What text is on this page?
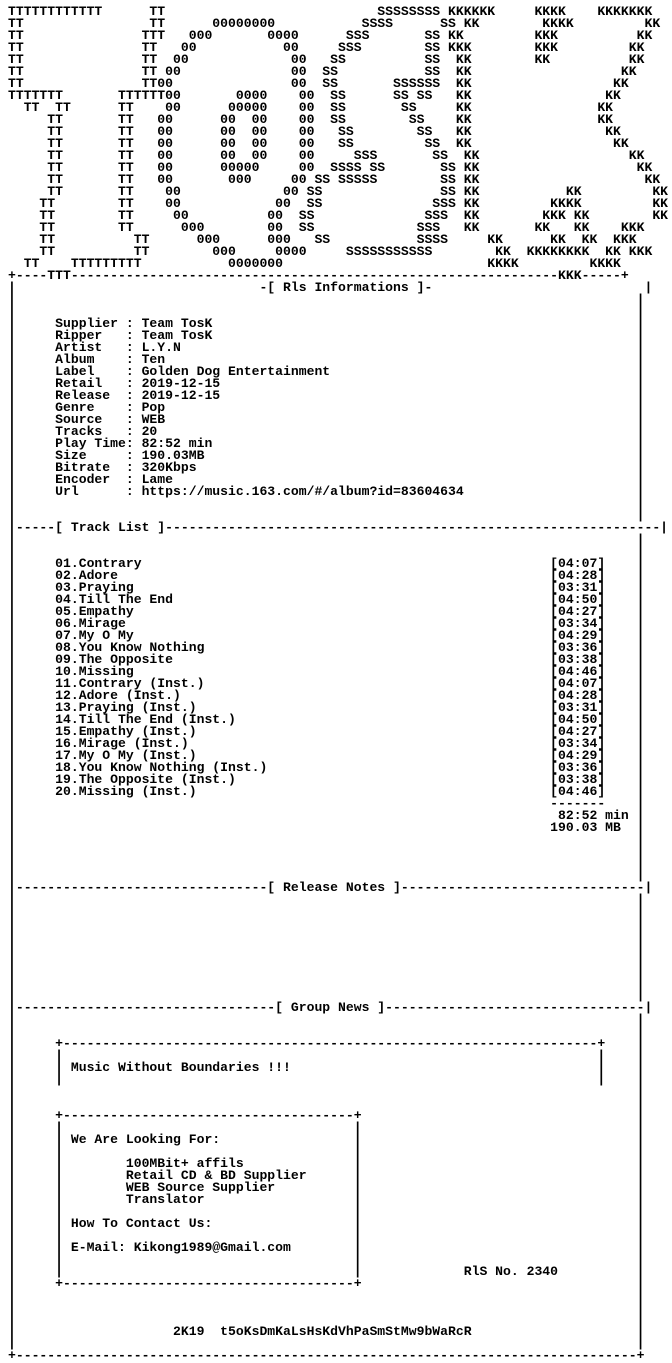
TTTTTTTTTTTT      TT                           SSSSSSSS KKKKKK     KKKK    KKKKKKK
TT                TT      00000000           SSSS      SS KK        KKKK         KK
TT               TTT   000       0000      SSS       SS KK         KKK          KK
TT               TT   00           00     SSS        SS KKK        KKK         KK
TT               TT  00             00   SS          SS  KK        KK          KK
TT               TT 00              00  SS           SS  KK                   KK
TT               TT00               00  SS       SSSSSS  KK                  KK
TTTTTTT       TTTTTT00       0000    00  SS      SS SS   KK                 KK
TT  TT      TT    00      00000    00  SS       SS     KK                KK
TT       TT   00      00  00    00  SS        SS    KK                KK
TT       TT   00      00  00    00   SS        SS   KK                 KK
TT       TT   00      00  00    00   SS         SS  KK                  KK
TT       TT   00      00  00    00     SSS       SS  KK                   KK
TT       TT   00      00000     00  SSSS SS       SS KK                    KK
TT       TT   00       000     00 SS SSSSS        SS KK                     KK
TT       TT    00             00 SS               SS KK           KK         KK
TT        TT    00            00  SS              SSS KK         KKKK         KK
TT        TT     00          00  SS              SSS  KK        KKK KK        KK
TT        TT      000        00  SS             SSS   KK       KK   KK    KKK
TT          TT      000      000   SS           SSSS     KK      KK  KK  KKK
TT          TT        000     0000     SSSSSSSSSSS        KK  KKKKKKKK  KK KKK
TT    TTTTTTTTT           0000000                          KKKK         KKKK
+----TTT--------------------------------------------------------------KKK-----+
|                               -[ Rls Informations ]-                           |
|                                                                               |
|                                                                               |
|     Supplier : Team TosK                                                      |
|     Ripper   : Team TosK                                                      |
|     Artist   : L.Y.N                                                          |
|     Album    : Ten                                                            |
|     Label    : Golden Dog Entertainment                                       |
|     Retail   : 2019-12-15                                                     |
|     Release  : 2019-12-15                                                     |
|     Genre    : Pop                                                            |
|     Source   : WEB                                                            |
|     Tracks   : 20                                                             |
|     Play Time: 82:52 min                                                      |
|     Size     : 190.03MB                                                       |
|     Bitrate  : 320Kbps                                                        |
|     Encoder  : Lame                                                           |
|     Url      : https://music.163.com/#/album?id=83604634                      |
|                                                                               |
|                                                                               |
|-----[ Track List ]---------------------------------------------------------------|
|                                                                               |
|                                                                               |
|     01.Contrary                                                    [04:07]    |
|     02.Adore                                                       [04:28]    |
|     03.Praying                                                     [03:31]    |
|     04.Till The End                                                [04:50]    |
|     05.Empathy                                                     [04:27]    |
|     06.Mirage                                                      [03:34]    |
|     07.My O My                                                     [04:29]    |
|     08.You Know Nothing                                            [03:36]    |
|     09.The Opposite                                                [03:38]    |
|     10.Missing                                                     [04:46]    |
|     11.Contrary (Inst.)                                            [04:07]    |
|     12.Adore (Inst.)                                               [04:28]    |
|     13.Praying (Inst.)                                             [03:31]    |
|     14.Till The End (Inst.)                                        [04:50]    |
|     15.Empathy (Inst.)                                             [04:27]    |
|     16.Mirage (Inst.)                                              [03:34]    |
|     17.My O My (Inst.)                                             [04:29]    |
|     18.You Know Nothing (Inst.)                                    [03:36]    |
|     19.The Opposite (Inst.)                                        [03:38]    |
|     20.Missing (Inst.)                                             [04:46]    |
|                                                                    -------    |
|                                                                     82:52 min |
|                                                                    190.03 MB  |
|                                                                               |
|                                                                               |
|                                                                               |
|                                                                               |
|--------------------------------[ Release Notes ]-------------------------------|
|                                                                               |
|                                                                               |
|                                                                               |
|                                                                               |
|                                                                               |
|                                                                               |
|                                                                               |
|                                                                               |
|                                                                               |
|---------------------------------[ Group News ]---------------------------------|
|                                                                               |
|                                                                               |
|     +--------------------------------------------------------------------+    |
|     |                                                                    |    |
|     | Music Without Boundaries !!!                                       |    |
|     |                                                                    |    |
|                                                                               |
|                                                                               |
|     +-------------------------------------+                                   |
|     |                                     |                                   |
|     | We Are Looking For:                 |                                   |
|     |                                     |                                   |
|     |        100MBit+ affils              |                                   |
|     |        Retail CD & BD Supplier      |                                   |
|     |        WEB Source Supplier          |                                   |
|     |        Translator                   |                                   |
|     |                                     |                                   |
|     | How To Contact Us:                  |                                   |
|     |                                     |                                   |
|     | E-Mail: Kikong1989@Gmail.com        |                                   |
|     |                                     |                                   |
|     |                                     |             RlS No. 2340          |
|     +-------------------------------------+                                   |
|                                                                               |
|                                                                               |
|                                                                               |
|                    2K19  t5oKsDmKaLsHsKdVhPaSmStMw9bWaRcR                     |
|                                                                               |
+-------------------------------------------------------------------------------+
